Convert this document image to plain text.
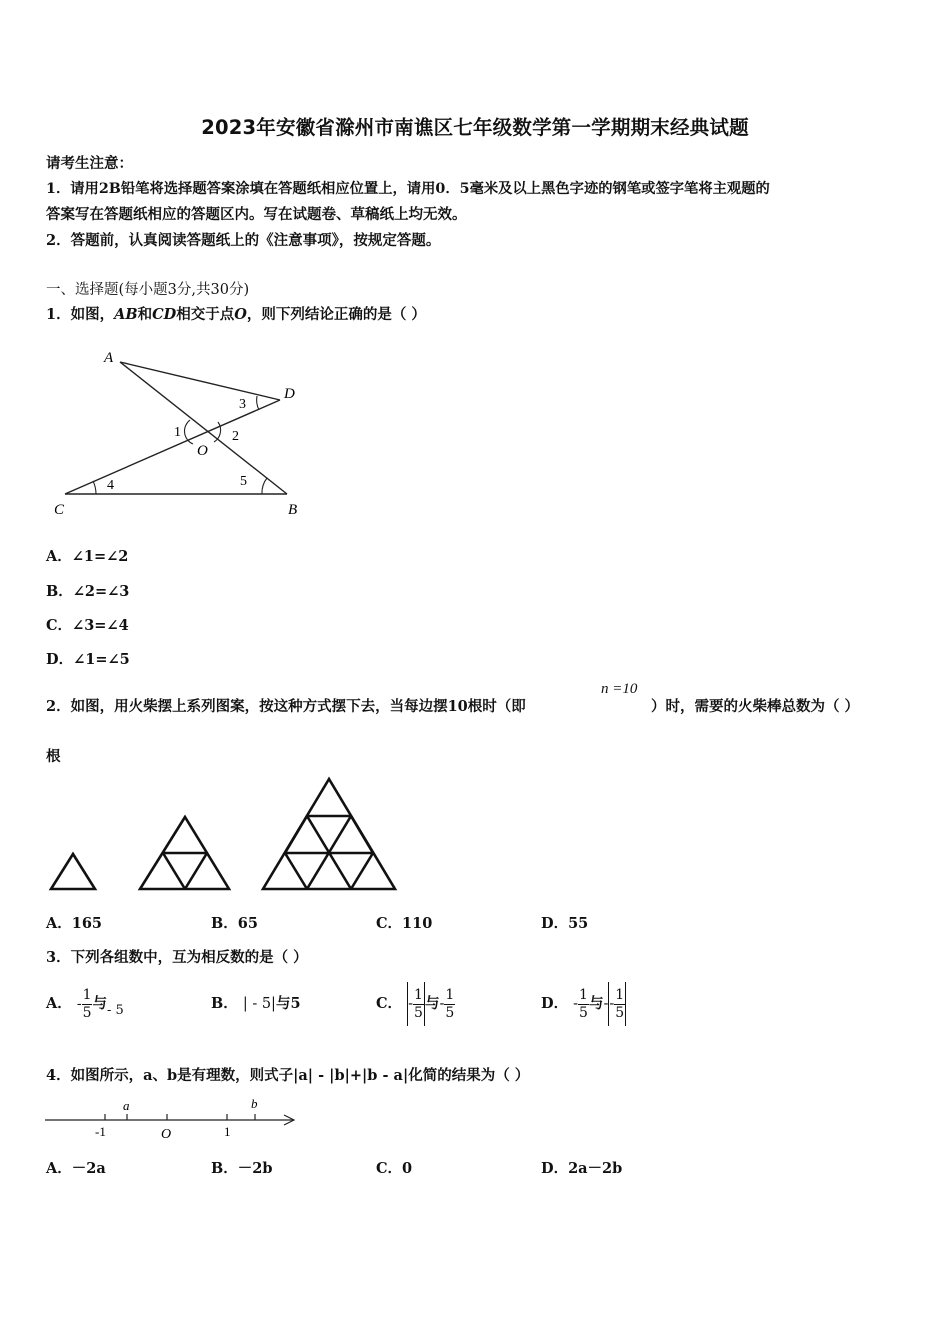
2023年安徽省滁州市南谯区七年级数学第一学期期末经典试题
请考生注意：
1．请用2B铅笔将选择题答案涂填在答题纸相应位置上，请用0．5毫米及以上黑色字迹的钢笔或签字笔将主观题的
答案写在答题纸相应的答题区内。写在试题卷、草稿纸上均无效。
2．答题前，认真阅读答题纸上的《注意事项》，按规定答题。
一、选择题(每小题3分,共30分)
1．如图，AB和CD相交于点O，则下列结论正确的是（ ）
A
D
C	B
O
1	2
3
4	5
A．∠1=∠2
B．∠2=∠3
C．∠3=∠4
D．∠1=∠5
2．如图，用火柴摆上系列图案，按这种方式摆下去，当每边摆10根时（即
n =10
）时，需要的火柴棒总数为（ ）
根
A．165	B．65	C．110	D．55
3．下列各组数中，互为相反数的是（ ）
A． - $\frac{1}{5}$ 与- 5	B． | - 5|与5	C． - $\frac{1}{5}$ 与- $\frac{1}{5}$	D． - $\frac{1}{5}$ 与-- $\frac{1}{5}$
4．如图所示，a、b是有理数，则式子|a| - |b|+|b - a|化简的结果为（ ）
-1
a
O	1
b
A．－2a	B．－2b	C．0	D．2a－2b
